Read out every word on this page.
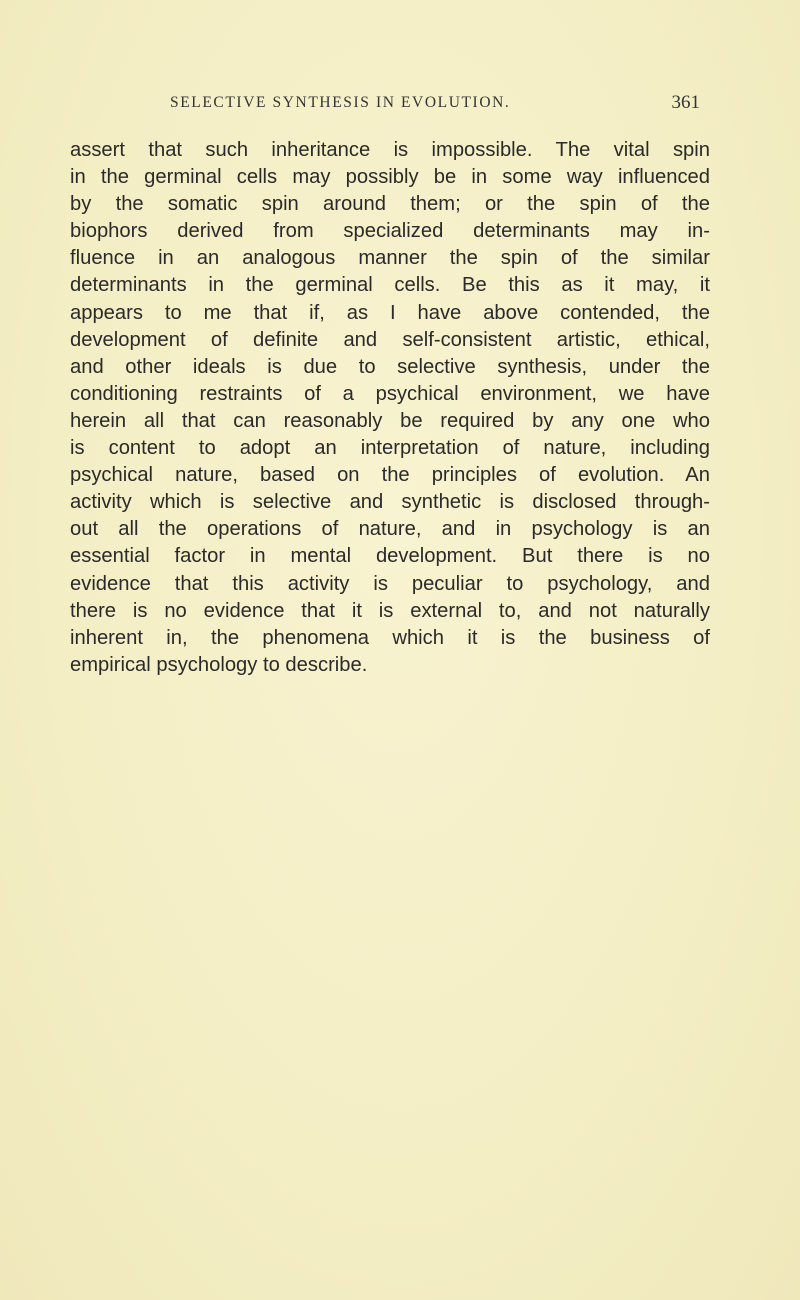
SELECTIVE SYNTHESIS IN EVOLUTION.	361
assert that such inheritance is impossible. The vital spin
in the germinal cells may possibly be in some way influenced
by the somatic spin around them; or the spin of the
biophors derived from specialized determinants may in-
fluence in an analogous manner the spin of the similar
determinants in the germinal cells. Be this as it may, it
appears to me that if, as I have above contended, the
development of definite and self-consistent artistic, ethical,
and other ideals is due to selective synthesis, under the
conditioning restraints of a psychical environment, we have
herein all that can reasonably be required by any one who
is content to adopt an interpretation of nature, including
psychical nature, based on the principles of evolution. An
activity which is selective and synthetic is disclosed through-
out all the operations of nature, and in psychology is an
essential factor in mental development. But there is no
evidence that this activity is peculiar to psychology, and
there is no evidence that it is external to, and not naturally
inherent in, the phenomena which it is the business of
empirical psychology to describe.
